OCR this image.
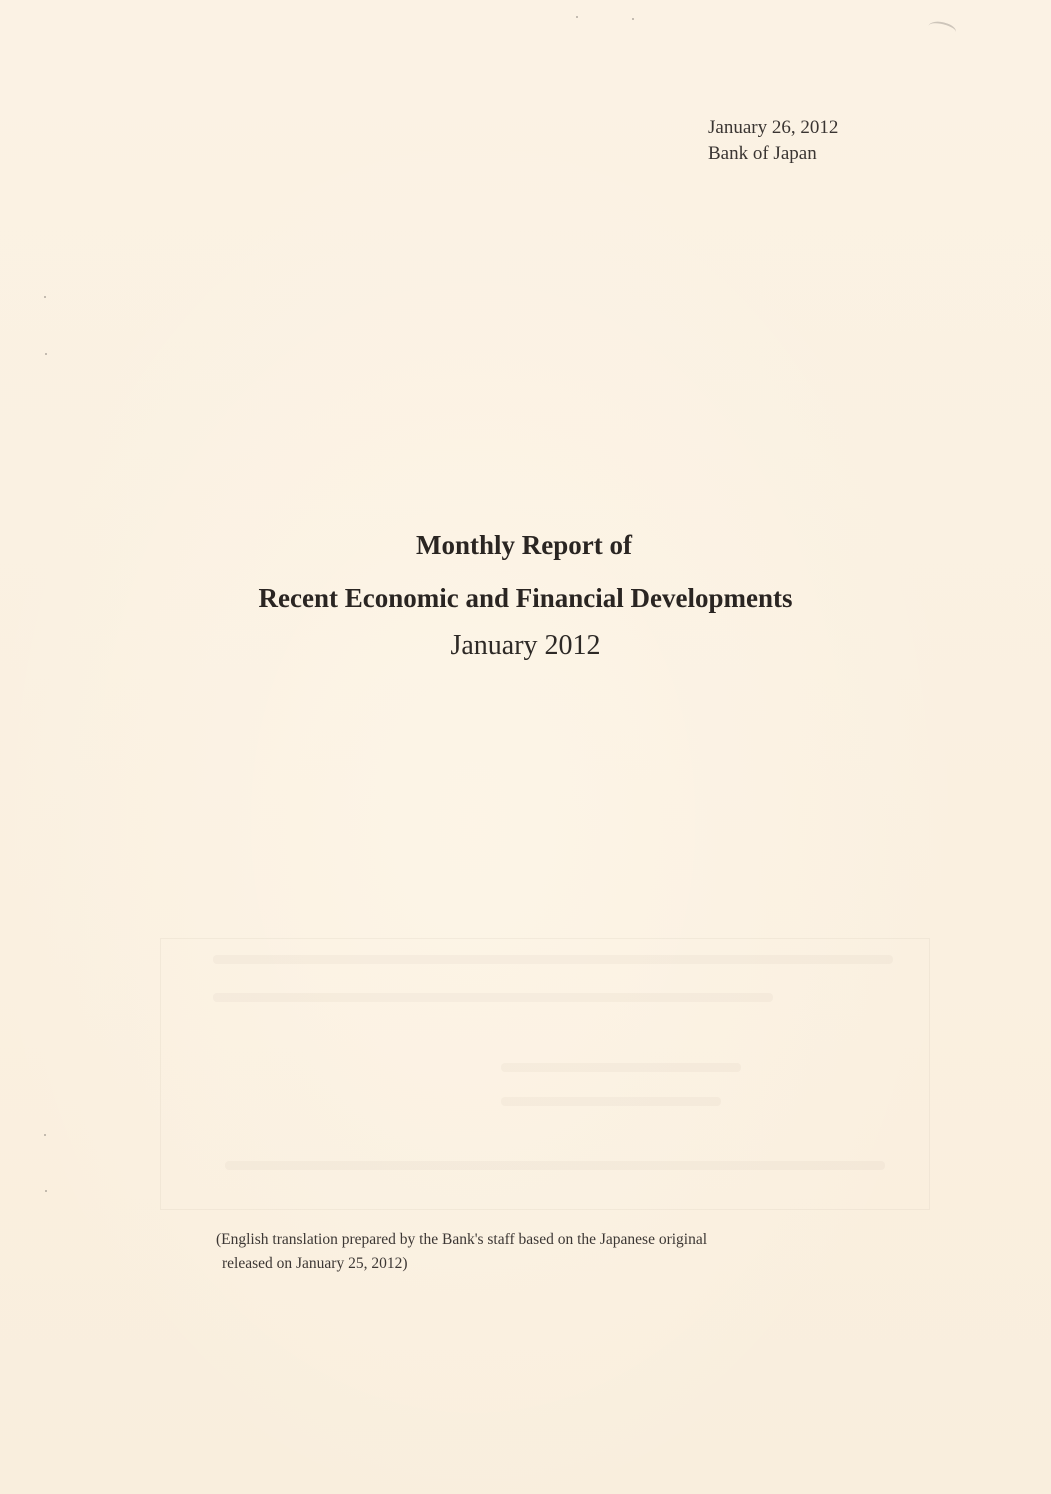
January 26, 2012
Bank of Japan
Monthly Report of
Recent Economic and Financial Developments
January 2012
(English translation prepared by the Bank's staff based on the Japanese original
released on January 25, 2012)
